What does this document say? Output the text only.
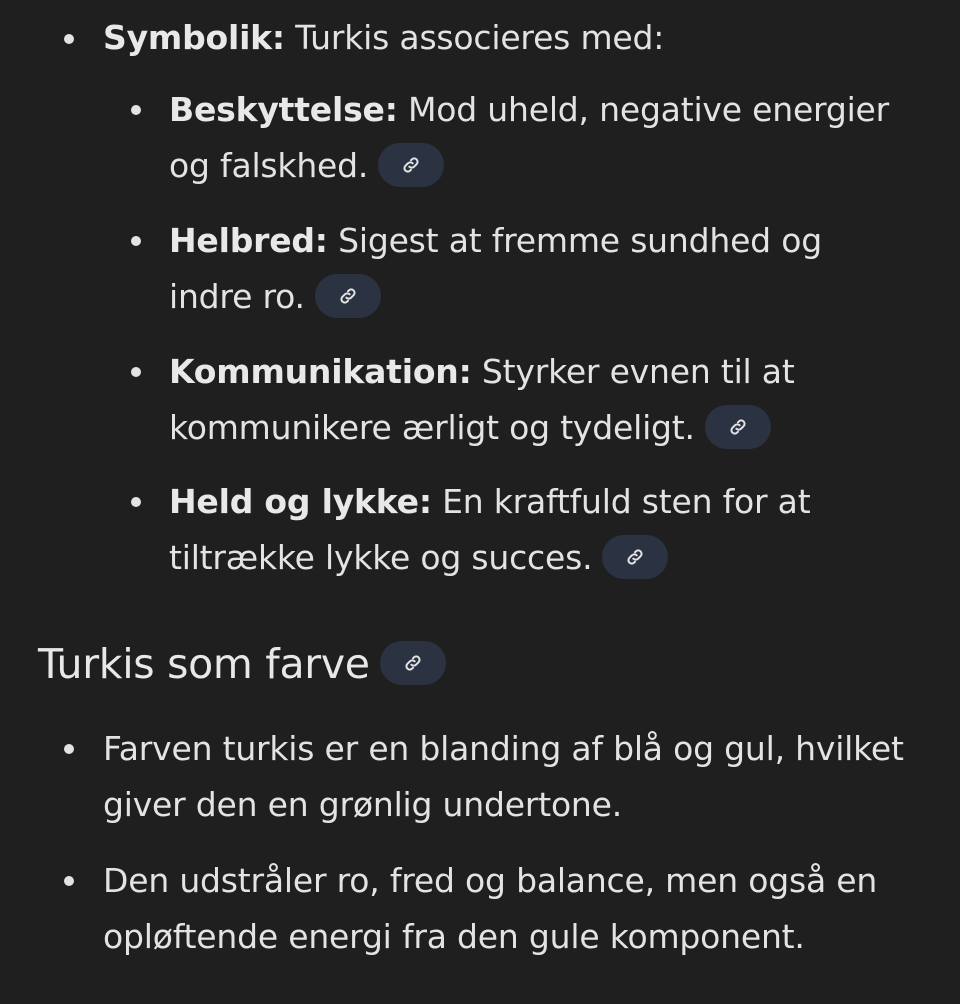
Symbolik: Turkis associeres med:
Beskyttelse: Mod uheld, negative energier
og falskhed.
Helbred: Sigest at fremme sundhed og
indre ro.
Kommunikation: Styrker evnen til at
kommunikere ærligt og tydeligt.
Held og lykke: En kraftfuld sten for at
tiltrække lykke og succes.
Turkis som farve
Farven turkis er en blanding af blå og gul, hvilket
giver den en grønlig undertone.
Den udstråler ro, fred og balance, men også en
opløftende energi fra den gule komponent.
